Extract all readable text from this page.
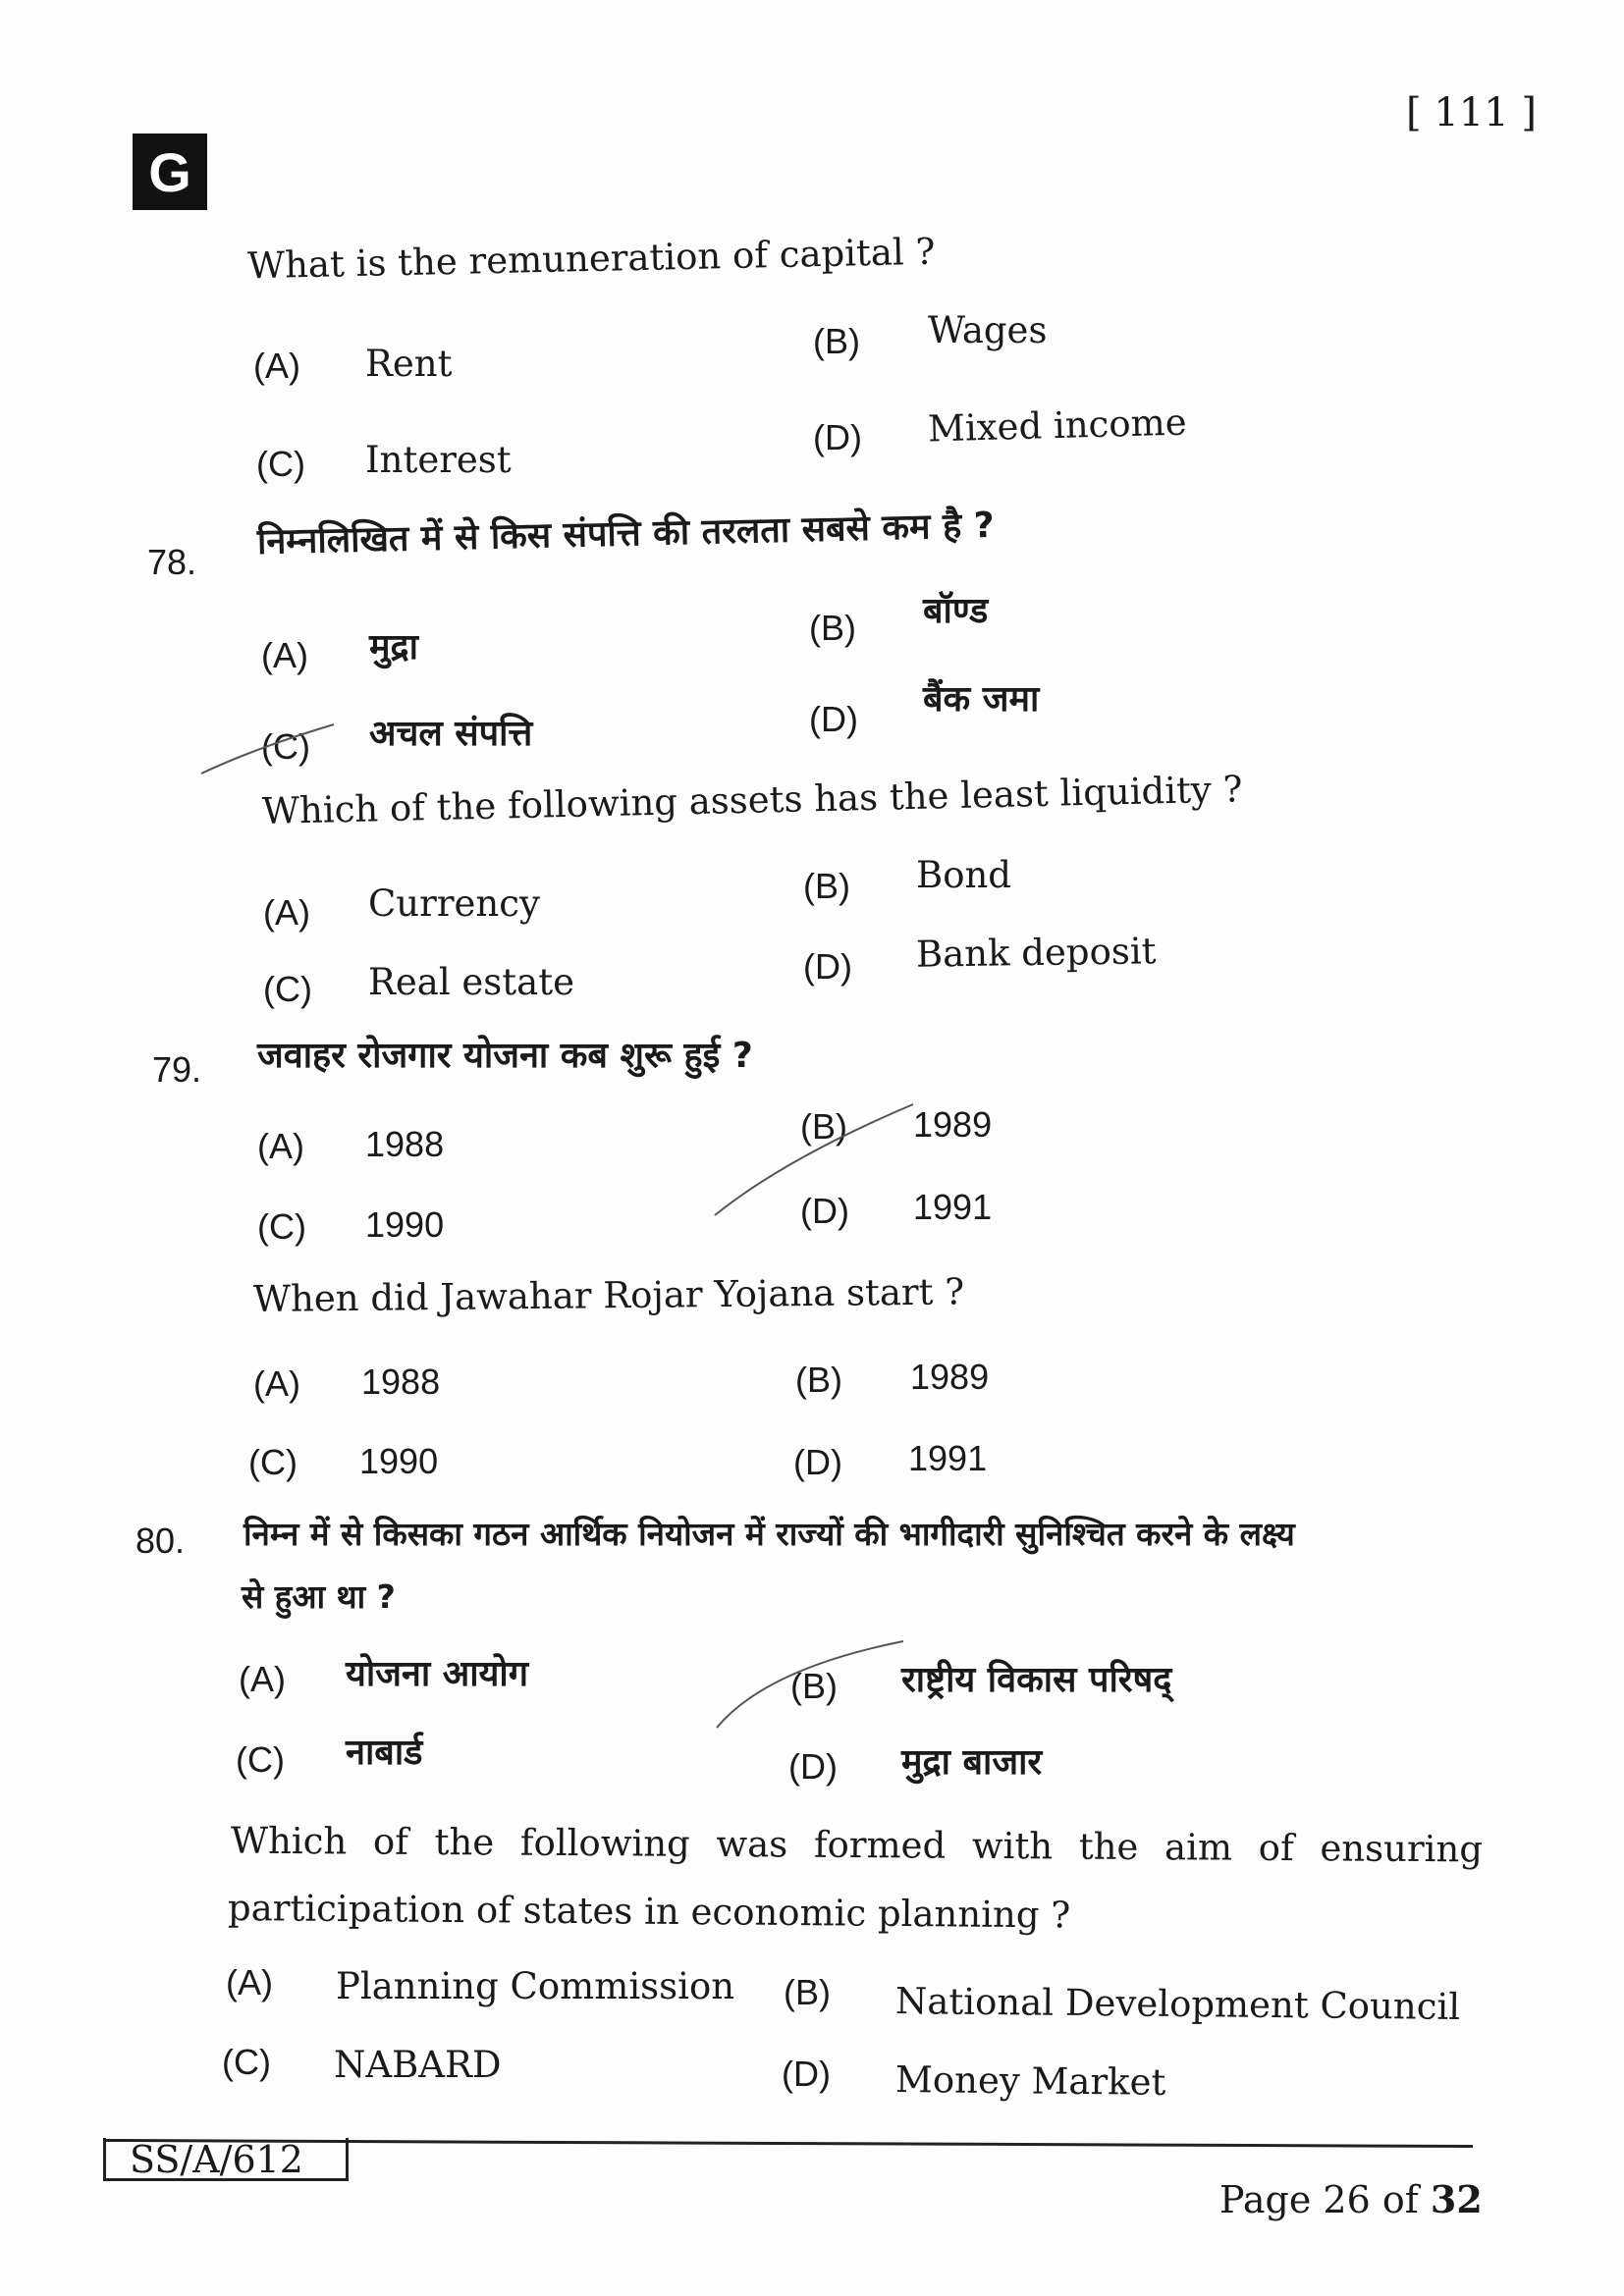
G
[ 111 ]
What is the remuneration of capital ?
(A) Rent
(B) Wages
(C) Interest
(D) Mixed income
78. निम्नलिखित में से किस संपत्ति की तरलता सबसे कम है ?
(A) मुद्रा	(B) बॉण्ड
(C) अचल संपत्ति	(D) बैंक जमा
Which of the following assets has the least liquidity ?
(A) Currency	(B) Bond
(C) Real estate	(D) Bank deposit
79. जवाहर रोजगार योजना कब शुरू हुई ?
(A) 1988	(B) 1989
(C) 1990	(D) 1991
When did Jawahar Rojar Yojana start ?
(A) 1988	(B) 1989
(C) 1990	(D) 1991
80. निम्न में से किसका गठन आर्थिक नियोजन में राज्यों की भागीदारी सुनिश्चित करने के लक्ष्य
से हुआ था ?
(A) योजना आयोग	(B) राष्ट्रीय विकास परिषद्
(C) नाबार्ड	(D) मुद्रा बाजार
Which of the following was formed with the aim of ensuring
participation of states in economic planning ?
(A) Planning Commission (B) National Development Council
(C) NABARD	(D) Money Market
SS/A/612
Page 26 of 32
